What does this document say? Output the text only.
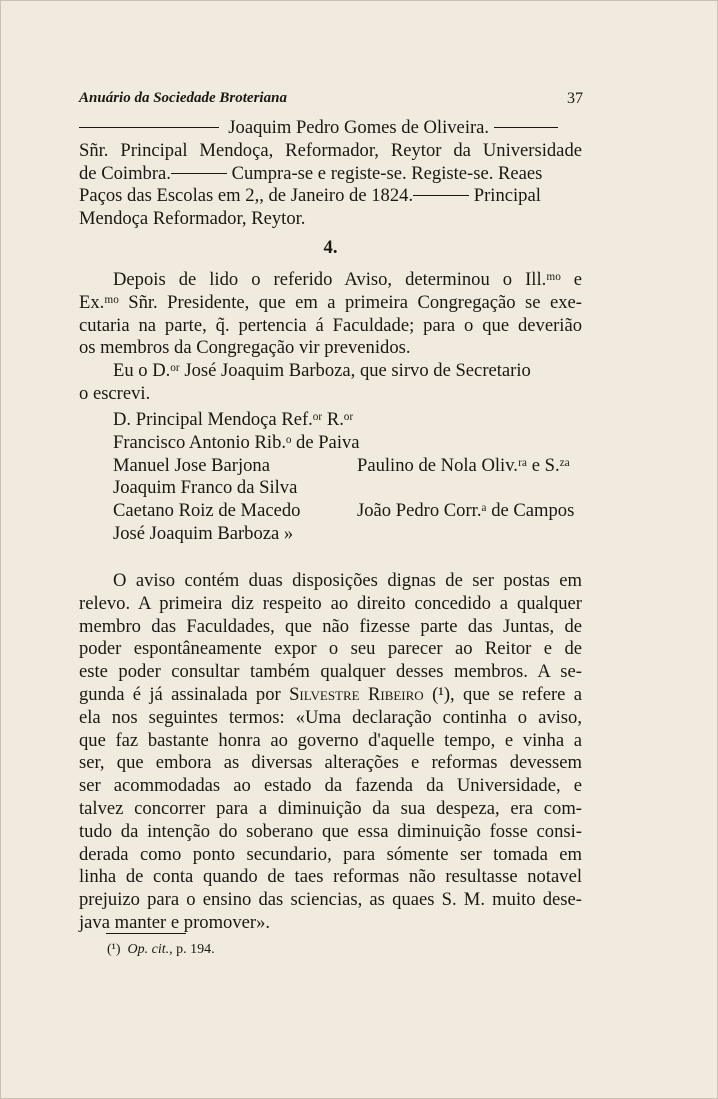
Anuário da Sociedade Broteriana	37
Joaquim Pedro Gomes de Oliveira.
Sñr. Principal Mendoça, Reformador, Reytor da Universidade
de Coimbra.	Cumpra-se e registe-se. Registe-se. Reaes
Paços das Escolas em 2,, de Janeiro de 1824.	Principal
Mendoça Reformador, Reytor.
4.
Depois de lido o referido Aviso, determinou o Ill.ᵐᵒ e
Ex.ᵐᵒ Sñr. Presidente, que em a primeira Congregação se exe-
cutaria na parte, q̃. pertencia á Faculdade; para o que deverião
os membros da Congregação vir prevenidos.
Eu o D.ᵒʳ José Joaquim Barboza, que sirvo de Secretario
o escrevi.
D. Principal Mendoça Ref.ᵒʳ R.ᵒʳ
Francisco Antonio Rib.ᵒ de Paiva
Manuel Jose Barjona	Paulino de Nola Oliv.ʳᵃ e S.ᶻᵃ
Joaquim Franco da Silva
Caetano Roiz de Macedo	João Pedro Corr.ᵃ de Campos
José Joaquim Barboza »
O aviso contém duas disposições dignas de ser postas em
relevo. A primeira diz respeito ao direito concedido a qualquer
membro das Faculdades, que não fizesse parte das Juntas, de
poder espontâneamente expor o seu parecer ao Reitor e de
este poder consultar também qualquer desses membros. A se-
gunda é já assinalada por Silvestre Ribeiro (¹), que se refere a
ela nos seguintes termos: «Uma declaração continha o aviso,
que faz bastante honra ao governo d'aquelle tempo, e vinha a
ser, que embora as diversas alterações e reformas devessem
ser acommodadas ao estado da fazenda da Universidade, e
talvez concorrer para a diminuição da sua despeza, era com-
tudo da intenção do soberano que essa diminuição fosse consi-
derada como ponto secundario, para sómente ser tomada em
linha de conta quando de taes reformas não resultasse notavel
prejuizo para o ensino das sciencias, as quaes S. M. muito dese-
java manter e promover».
(¹) Op. cit., p. 194.
